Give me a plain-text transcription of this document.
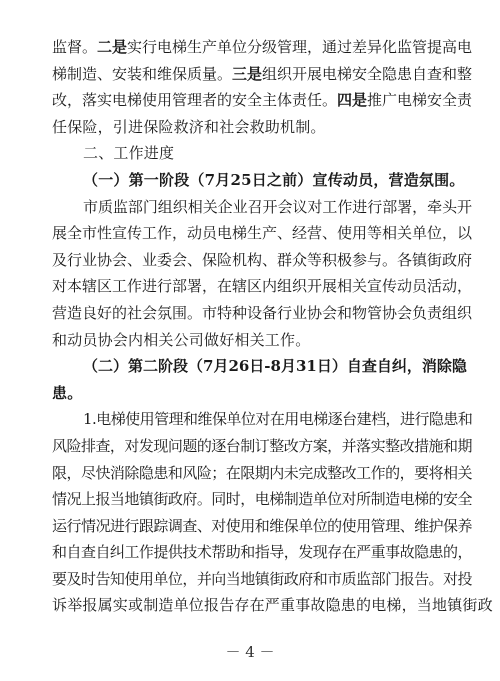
监督。二是实行电梯生产单位分级管理，通过差异化监管提高电
梯制造、安装和维保质量。三是组织开展电梯安全隐患自查和整
改，落实电梯使用管理者的安全主体责任。四是推广电梯安全责
任保险，引进保险救济和社会救助机制。
二、工作进度
（一）第一阶段（7月25日之前）宣传动员，营造氛围。
市质监部门组织相关企业召开会议对工作进行部署，牵头开
展全市性宣传工作，动员电梯生产、经营、使用等相关单位，以
及行业协会、业委会、保险机构、群众等积极参与。各镇街政府
对本辖区工作进行部署，在辖区内组织开展相关宣传动员活动，
营造良好的社会氛围。市特种设备行业协会和物管协会负责组织
和动员协会内相关公司做好相关工作。
（二）第二阶段（7月26日-8月31日）自查自纠，消除隐
患。
1.电梯使用管理和维保单位对在用电梯逐台建档，进行隐患和
风险排查，对发现问题的逐台制订整改方案，并落实整改措施和期
限，尽快消除隐患和风险；在限期内未完成整改工作的，要将相关
情况上报当地镇街政府。同时，电梯制造单位对所制造电梯的安全
运行情况进行跟踪调查、对使用和维保单位的使用管理、维护保养
和自查自纠工作提供技术帮助和指导，发现存在严重事故隐患的，
要及时告知使用单位，并向当地镇街政府和市质监部门报告。对投
诉举报属实或制造单位报告存在严重事故隐患的电梯，当地镇街政
－ 4 －
